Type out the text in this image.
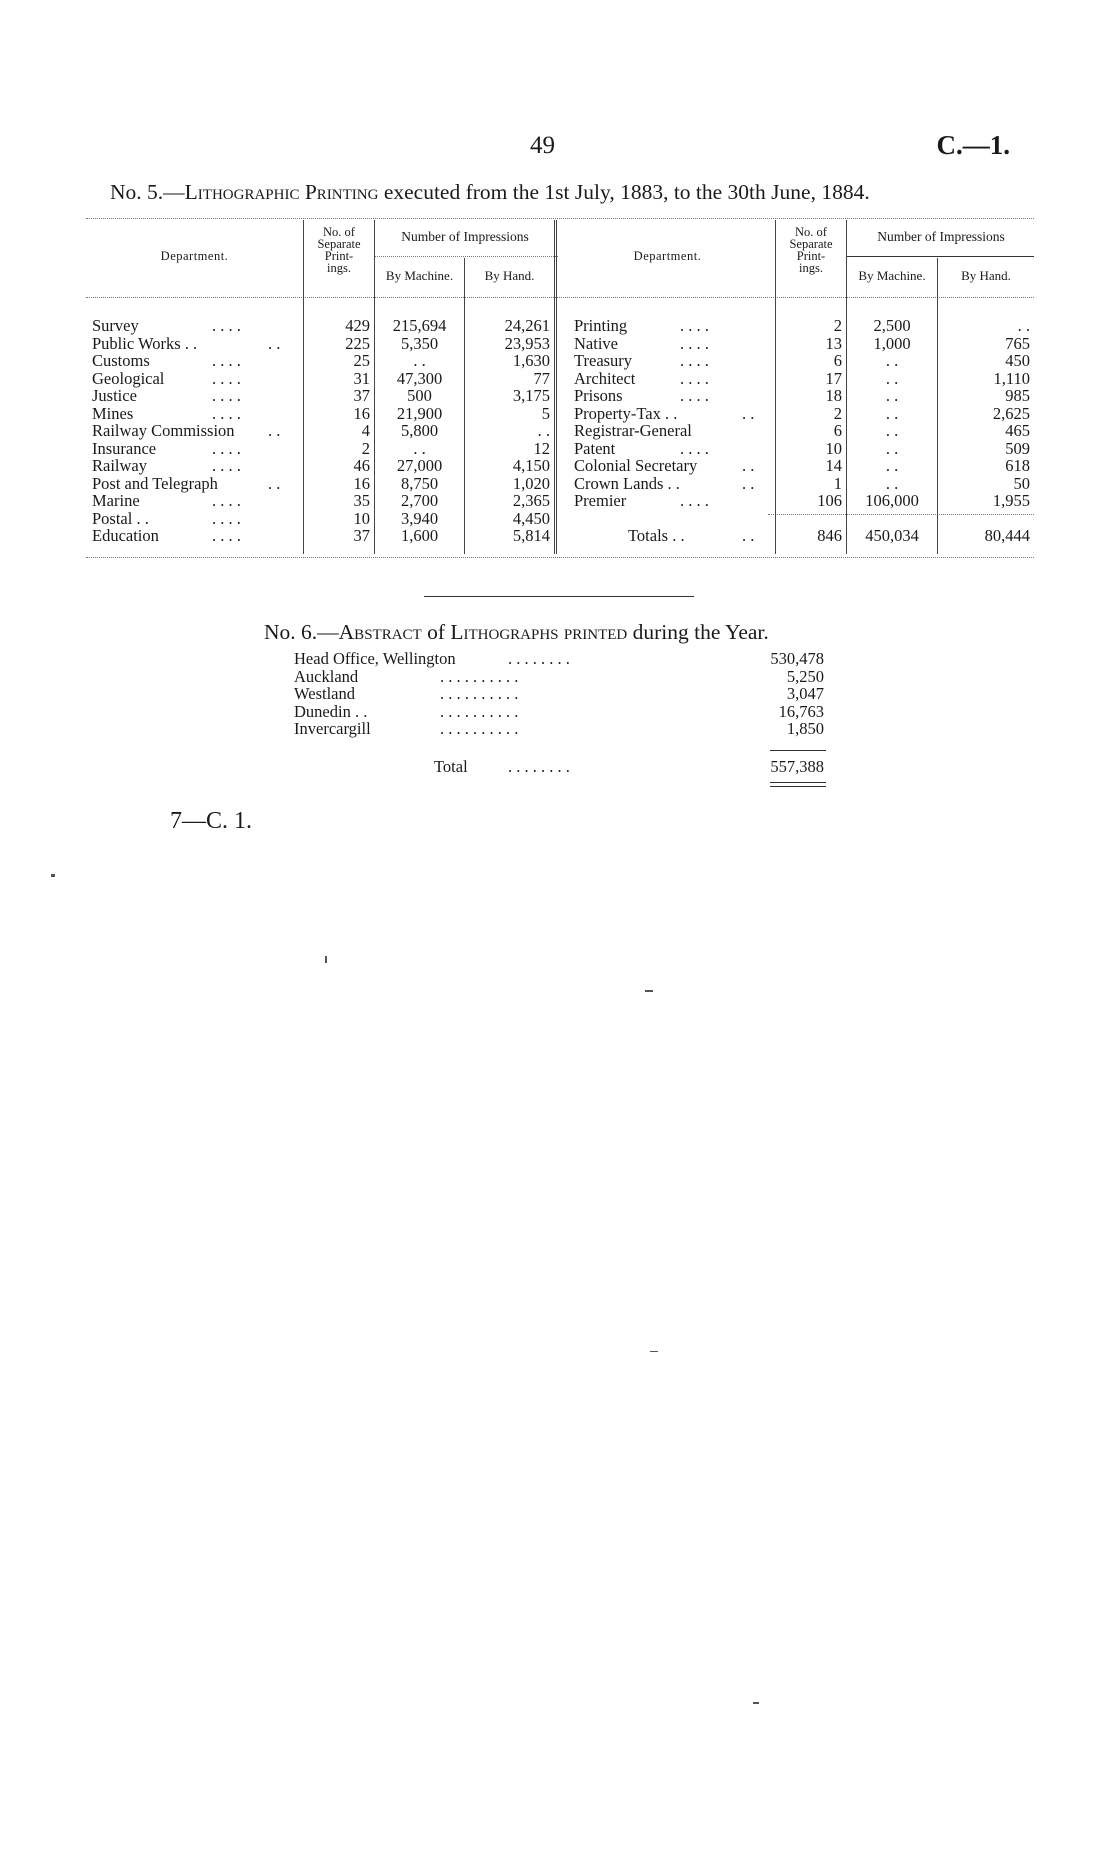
49	C.—1.
No. 5.—Lithographic Printing executed from the 1st July, 1883, to the 30th June, 1884.
Department.
No. of
Separate
Print-
ings.
Number of Impressions
By Machine.	By Hand.
Department.
No. of
Separate
Print-
ings.
Number of Impressions
By Machine.	By Hand.
Survey	. . . .	429	215,694	24,261
Public Works . .	. .	225	5,350	23,953
Customs	. . . .	25	. .	1,630
Geological	. . . .	31	47,300	77
Justice	. . . .	37	500	3,175
Mines	. . . .	16	21,900	5
Railway Commission . .	4	5,800	. .
Insurance	. . . .	2	. .	12
Railway	. . . .	46	27,000	4,150
Post and Telegraph	. .	16	8,750	1,020
Marine	. . . .	35	2,700	2,365
Postal . .	. . . .	10	3,940	4,450
Education	. . . .	37	1,600	5,814
Printing	. . . .	2	2,500	. .
Native	. . . .	13	1,000	765
Treasury	. . . .	6	. .	450
Architect	. . . .	17	. .	1,110
Prisons	. . . .	18	. .	985
Property-Tax . .	. .	2	. .	2,625
Registrar-General	6	. .	465
Patent	. . . .	10	. .	509
Colonial Secretary	. .	14	. .	618
Crown Lands . .	. .	1	. .	50
Premier	. . . .	106	106,000	1,955
Totals . .	. .	846	450,034	80,444
No. 6.—Abstract of Lithographs printed during the Year.
Head Office, Wellington	. . . . . . . .	530,478
Auckland	. . . . . . . . . .	5,250
Westland	. . . . . . . . . .	3,047
Dunedin . .	. . . . . . . . . .	16,763
Invercargill	. . . . . . . . . .	1,850
Total . . . . . . . .	557,388
7—C. 1.
